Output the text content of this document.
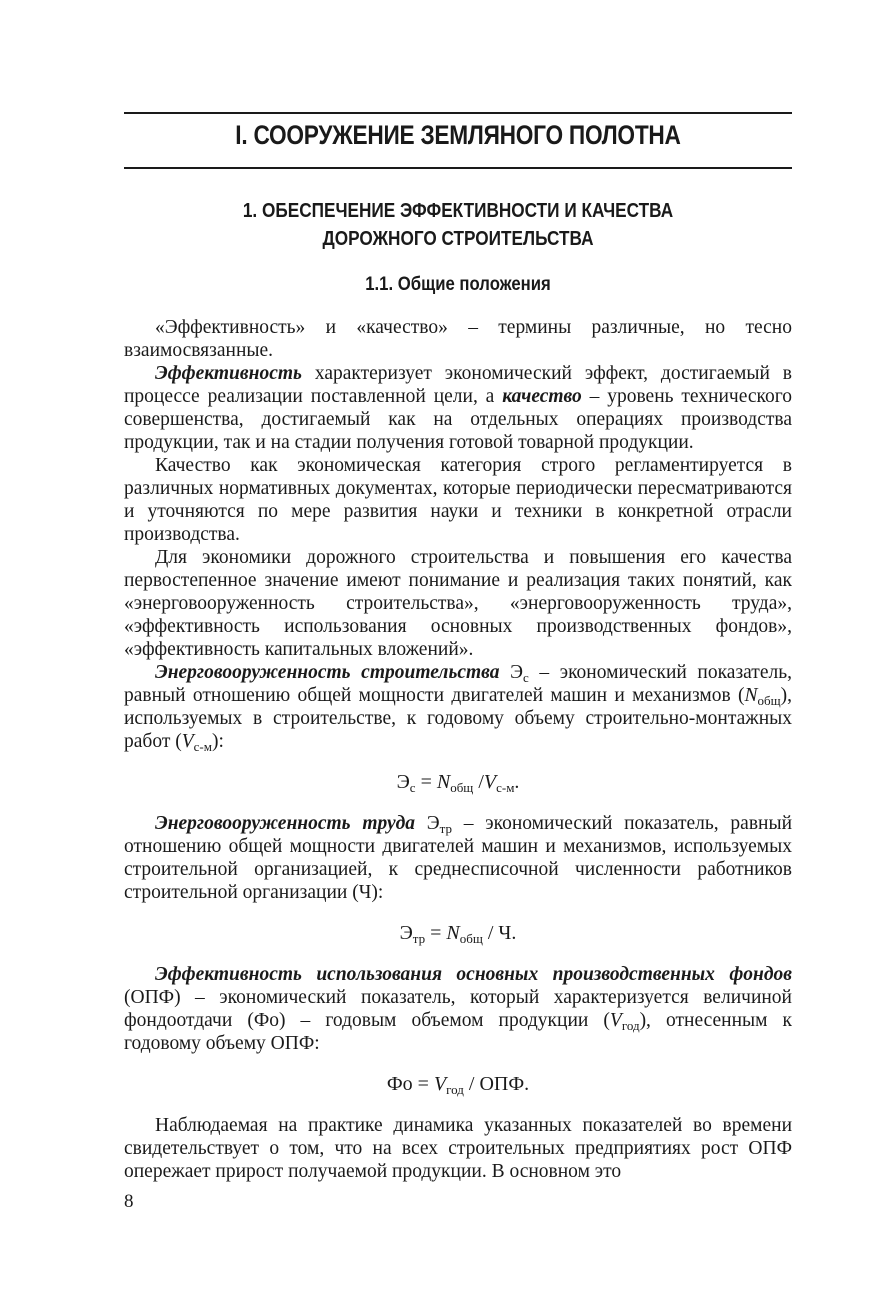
I. СООРУЖЕНИЕ ЗЕМЛЯНОГО ПОЛОТНА
1. ОБЕСПЕЧЕНИЕ ЭФФЕКТИВНОСТИ И КАЧЕСТВА
ДОРОЖНОГО СТРОИТЕЛЬСТВА
1.1. Общие положения

«Эффективность» и «качество» – термины различные, но тесно взаимосвязанные.

Эффективность характеризует экономический эффект, достигаемый в процессе реализации поставленной цели, а качество – уровень технического совершенства, достигаемый как на отдельных операциях производства продукции, так и на стадии получения готовой товарной продукции.

Качество как экономическая категория строго регламентируется в различных нормативных документах, которые периодически пересматриваются и уточняются по мере развития науки и техники в конкретной отрасли производства.

Для экономики дорожного строительства и повышения его качества первостепенное значение имеют понимание и реализация таких понятий, как «энерговооруженность строительства», «энерговооруженность труда», «эффективность использования основных производственных фондов», «эффективность капитальных вложений».

Энерговооруженность строительства $Э_с$ – экономический показатель, равный отношению общей мощности двигателей машин и механизмов $(N_{общ})$, используемых в строительстве, к годовому объему строительно-монтажных работ $(V_{с-м})$:

$Э_с = N_{общ}$ $/V_{с-м}$.

Энерговооруженность труда $Э_{тр}$ – экономический показатель, равный отношению общей мощности двигателей машин и механизмов, используемых строительной организацией, к среднесписочной численности работников строительной организации (Ч):

$Э_{тр} = N_{общ} / Ч$.

Эффективность использования основных производственных фондов (ОПФ) – экономический показатель, который характеризуется величиной фондоотдачи (Фо) – годовым объемом продукции $(V_{год})$, отнесенным к годовому объему ОПФ:

Фо = $V_{год}$ / ОПФ.

Наблюдаемая на практике динамика указанных показателей во времени свидетельствует о том, что на всех строительных предприятиях рост ОПФ опережает прирост получаемой продукции. В основном это

8
